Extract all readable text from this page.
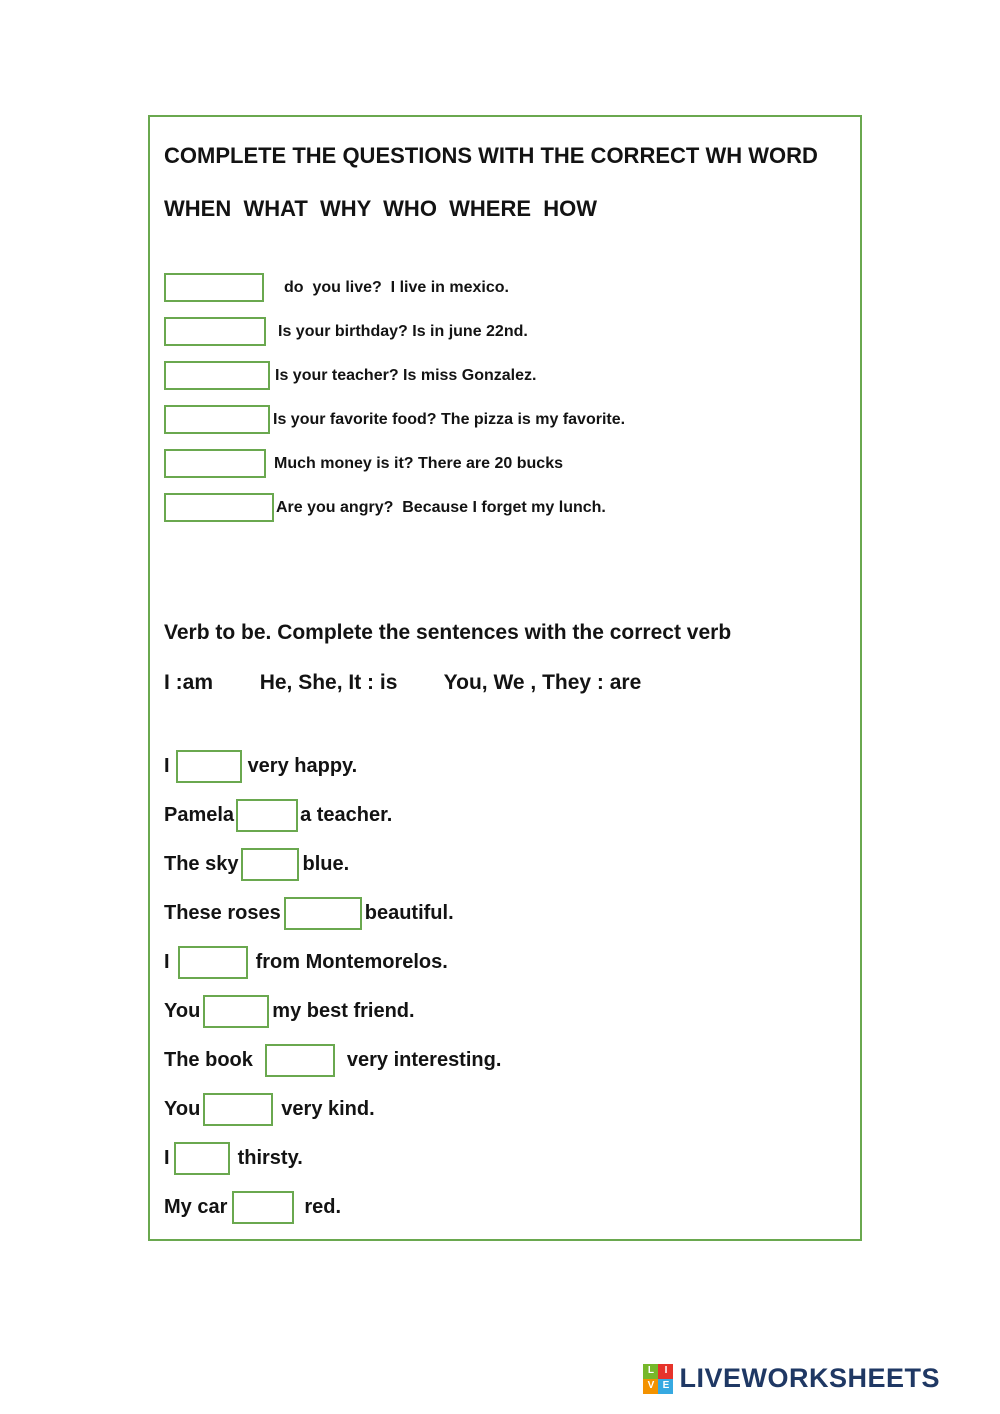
COMPLETE THE QUESTIONS WITH THE CORRECT WH WORD
WHEN  WHAT  WHY  WHO  WHERE  HOW
do  you live?  I live in mexico.
Is your birthday? Is in june 22nd.
Is your teacher? Is miss Gonzalez.
Is your favorite food? The pizza is my favorite.
Much money is it? There are 20 bucks
Are you angry?  Because I forget my lunch.
Verb to be. Complete the sentences with the correct verb
I :am        He, She, It : is        You, We , They : are
I	very happy.
Pamela	a teacher.
The sky	blue.
These roses	beautiful.
I	from Montemorelos.
You	my best friend.
The book	very interesting.
You	very kind.
I	thirsty.
My car	red.
L	I
V E LIVEWORKSHEETS
